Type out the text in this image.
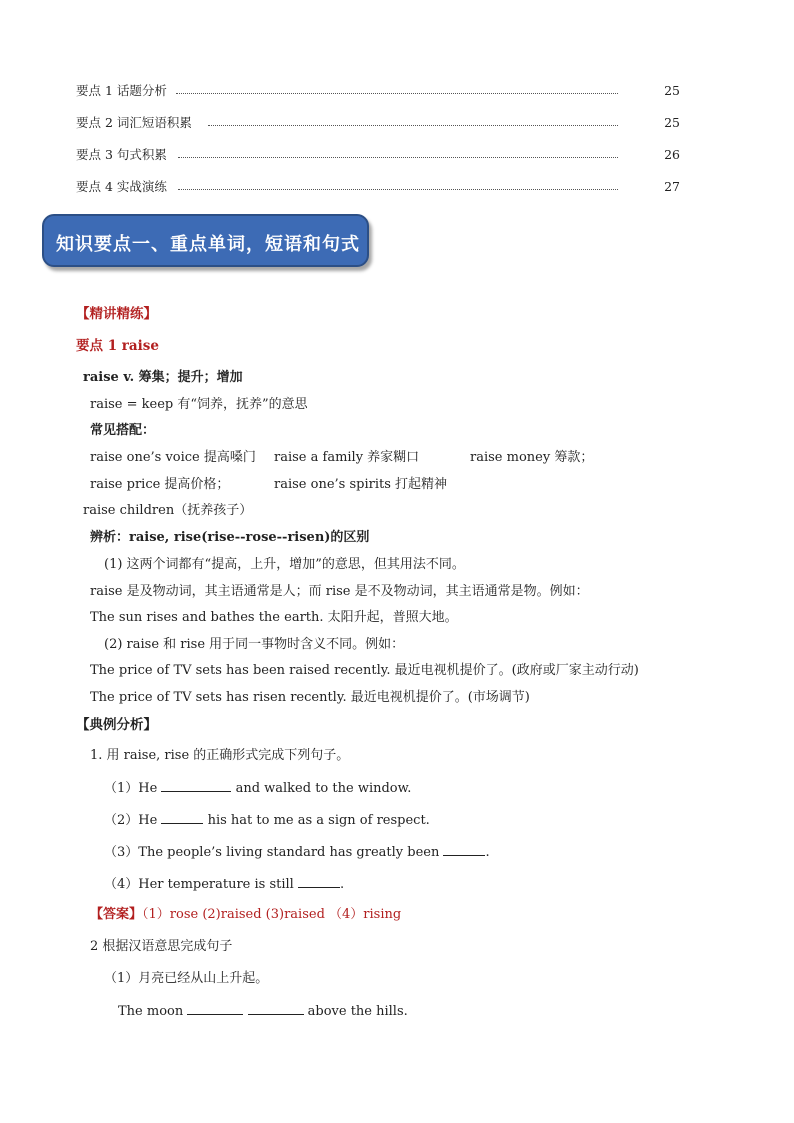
要点 1 话题分析	25
要点 2 词汇短语积累	25
要点 3 句式积累	26
要点 4 实战演练	27
知识要点一、重点单词，短语和句式
【精讲精练】
要点 1 raise
raise v. 筹集；提升；增加
raise = keep 有“饲养，抚养”的意思
常见搭配：
raise one’s voice 提高嗓门 raise a family 养家糊口	raise money 筹款；
raise price 提高价格；	raise one’s spirits 打起精神
raise children（抚养孩子）
辨析：raise, rise(rise--rose--risen)的区别
(1) 这两个词都有“提高，上升，增加”的意思，但其用法不同。
raise 是及物动词，其主语通常是人；而 rise 是不及物动词，其主语通常是物。例如：
The sun rises and bathes the earth. 太阳升起，普照大地。
(2) raise 和 rise 用于同一事物时含义不同。例如：
The price of TV sets has been raised recently. 最近电视机提价了。(政府或厂家主动行动)
The price of TV sets has risen recently. 最近电视机提价了。(市场调节)
【典例分析】
1. 用 raise, rise 的正确形式完成下列句子。
（1）He	and walked to the window.
（2）He	his hat to me as a sign of respect.
（3）The people’s living standard has greatly been	.
（4）Her temperature is still	.
【答案】（1）rose (2)raised (3)raised （4）rising
2 根据汉语意思完成句子
（1）月亮已经从山上升起。
The moon	above the hills.
